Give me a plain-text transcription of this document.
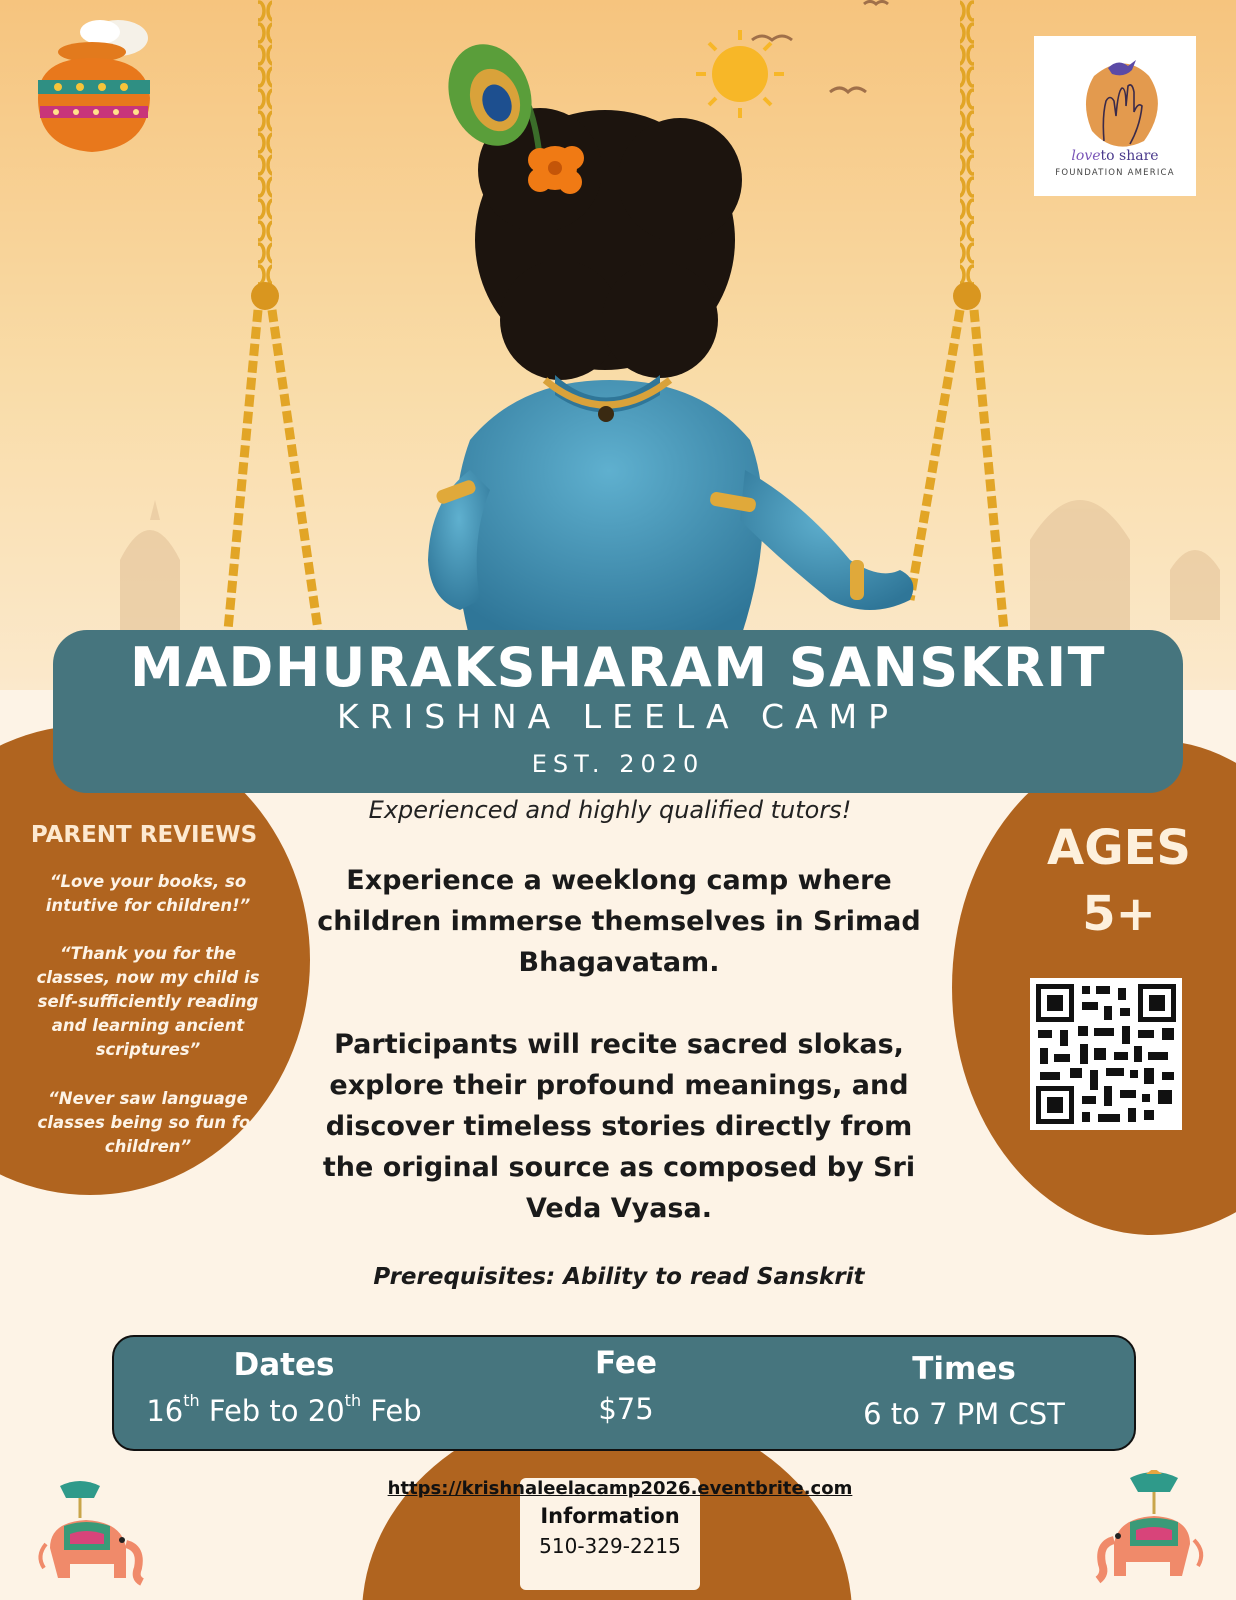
loveto share
FOUNDATION AMERICA
MADHURAKSHARAM SANSKRIT
KRISHNA LEELA CAMP
EST. 2020
Experienced and highly qualified tutors!
PARENT REVIEWS
“Love your books, so intutive for children!”
“Thank you for the classes, now my child is self-sufficiently reading and learning ancient scriptures”
“Never saw language classes being so fun for children”
Experience a weeklong camp where children immerse themselves in Srimad Bhagavatam.
Participants will recite sacred slokas, explore their profound meanings, and discover timeless stories directly from the original source as composed by Sri Veda Vyasa.
Prerequisites: Ability to read Sanskrit
AGES
5+
Dates
16th Feb to 20th Feb
Fee
$75
Times
6 to 7 PM CST
https://krishnaleelacamp2026.eventbrite.com
Information
510-329-2215
